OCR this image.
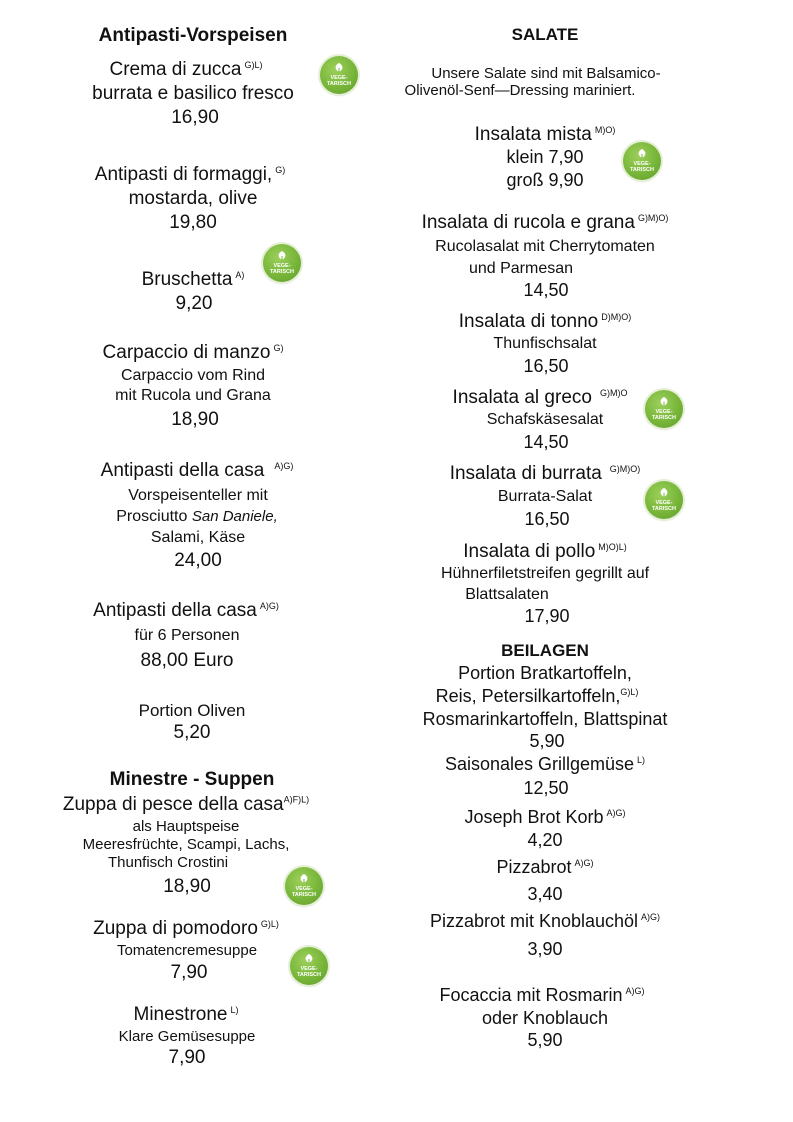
Antipasti-Vorspeisen
Crema di zucca $^{G)L)}$
burrata e basilico fresco
16,90
Antipasti di formaggi, $^{G)}$
mostarda, olive
19,80
Bruschetta $^{A)}$
9,20
Carpaccio di manzo $^{G)}$
Carpaccio vom Rind
mit Rucola und Grana
18,90
Antipasti della casa $^{A)G)}$
Vorspeisenteller mit
Prosciutto San Daniele,
Salami, Käse
24,00
Antipasti della casa $^{A)G)}$
für 6 Personen
88,00 Euro
Portion Oliven
5,20
Minestre - Suppen
Zuppa di pesce della casa$^{A)F)L)}$
als Hauptspeise
Meeresfrüchte, Scampi, Lachs,
Thunfisch Crostini
18,90
Zuppa di pomodoro $^{G)L)}$
Tomatencremesuppe
7,90
Minestrone $^{L)}$
Klare Gemüsesuppe
7,90
SALATE
Unsere Salate sind mit Balsamico-
Olivenöl-Senf—Dressing mariniert.
Insalata mista $^{M)O)}$
klein 7,90
groß 9,90
Insalata di rucola e grana $^{G)M)O)}$
Rucolasalat mit Cherrytomaten
und Parmesan
14,50
Insalata di tonno $^{D)M)O)}$
Thunfischsalat
16,50
Insalata al greco $^{G)M)O}$
Schafskäsesalat
14,50
Insalata di burrata $^{G)M)O)}$
Burrata-Salat
16,50
Insalata di pollo $^{M)O)L)}$
Hühnerfiletstreifen gegrillt auf
Blattsalaten
17,90
BEILAGEN
Portion Bratkartoffeln,
Reis, Petersilkartoffeln,$^{G)L)}$
Rosmarinkartoffeln, Blattspinat
5,90
Saisonales Grillgemüse $^{L)}$
12,50
Joseph Brot Korb $^{A)G)}$
4,20
Pizzabrot $^{A)G)}$
3,40
Pizzabrot mit Knoblauchöl $^{A)G)}$
3,90
Focaccia mit Rosmarin $^{A)G)}$
oder Knoblauch
5,90
VEGE-
TARISCH
VEGE-
TARISCH
VEGE-
TARISCH
VEGE-
TARISCH
VEGE-
TARISCH
VEGE-
TARISCH
VEGE-
TARISCH
